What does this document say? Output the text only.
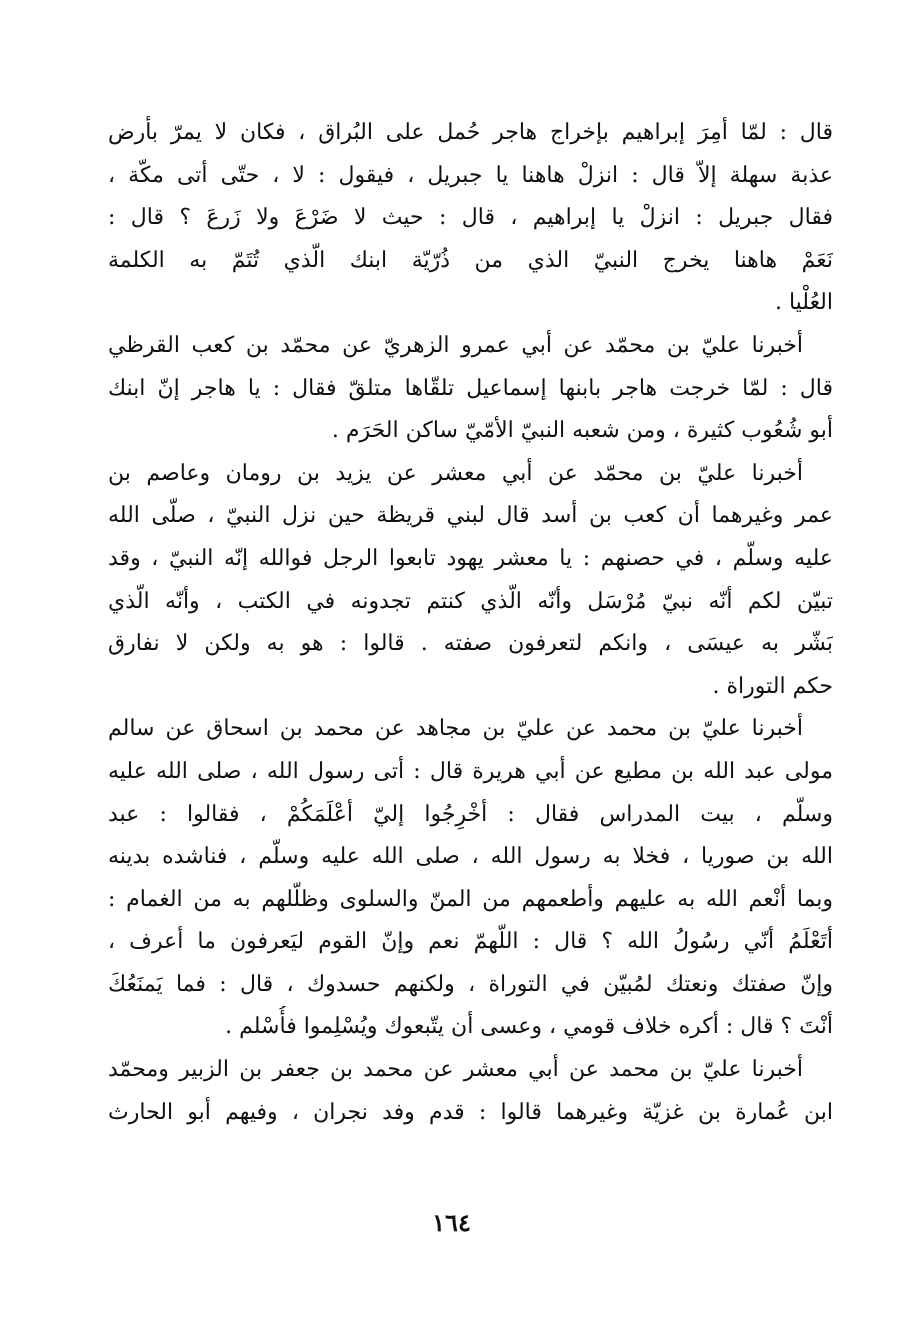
قال : لمّا أمِرَ إبراهيم بإخراج هاجر حُمل على البُراق ، فكان لا يمرّ بأرض
عذبة سهلة إلاّ قال : انزلْ هاهنا يا جبريل ، فيقول : لا ، حتّى أتى مكّة ،
فقال جبريل : انزلْ يا إبراهيم ، قال : حيث لا ضَرْعَ ولا زَرعَ ؟ قال :
نَعَمْ هاهنا يخرج النبيّ الذي من ذُرّيّة ابنك الّذي تُتَمّ به الكلمة
العُلْيا .
أخبرنا عليّ بن محمّد عن أبي عمرو الزهريّ عن محمّد بن كعب القرظي
قال : لمّا خرجت هاجر بابنها إسماعيل تلقّاها متلقّ فقال : يا هاجر إنّ ابنك
أبو شُعُوب كثيرة ، ومن شعبه النبيّ الأمّيّ ساكن الحَرَم .
أخبرنا عليّ بن محمّد عن أبي معشر عن يزيد بن رومان وعاصم بن
عمر وغيرهما أن كعب بن أسد قال لبني قريظة حين نزل النبيّ ، صلّى الله
عليه وسلّم ، في حصنهم : يا معشر يهود تابعوا الرجل فوالله إنّه النبيّ ، وقد
تبيّن لكم أنّه نبيّ مُرْسَل وأنّه الّذي كنتم تجدونه في الكتب ، وأنّه الّذي
بَشّر به عيسَى ، وانكم لتعرفون صفته . قالوا : هو به ولكن لا نفارق
حكم التوراة .
أخبرنا عليّ بن محمد عن عليّ بن مجاهد عن محمد بن اسحاق عن سالم
مولى عبد الله بن مطيع عن أبي هريرة قال : أتى رسول الله ، صلى الله عليه
وسلّم ، بيت المدراس فقال : أخْرِجُوا إليّ أعْلَمَكُمْ ، فقالوا : عبد
الله بن صوريا ، فخلا به رسول الله ، صلى الله عليه وسلّم ، فناشده بدينه
وبما أنْعم الله به عليهم وأطعمهم من المنّ والسلوى وظلّلهم به من الغمام :
أتَعْلَمُ أنّي رسُولُ الله ؟ قال : اللّهمّ نعم وإنّ القوم ليَعرفون ما أعرف ،
وإنّ صفتك ونعتك لمُبيّن في التوراة ، ولكنهم حسدوك ، قال : فما يَمنَعُكَ
أنْتَ ؟ قال : أكره خلاف قومي ، وعسى أن يتّبعوك ويُسْلِموا فأُسْلم .
أخبرنا عليّ بن محمد عن أبي معشر عن محمد بن جعفر بن الزبير ومحمّد
ابن عُمارة بن غزيّة وغيرهما قالوا : قدم وفد نجران ، وفيهم أبو الحارث
١٦٤
